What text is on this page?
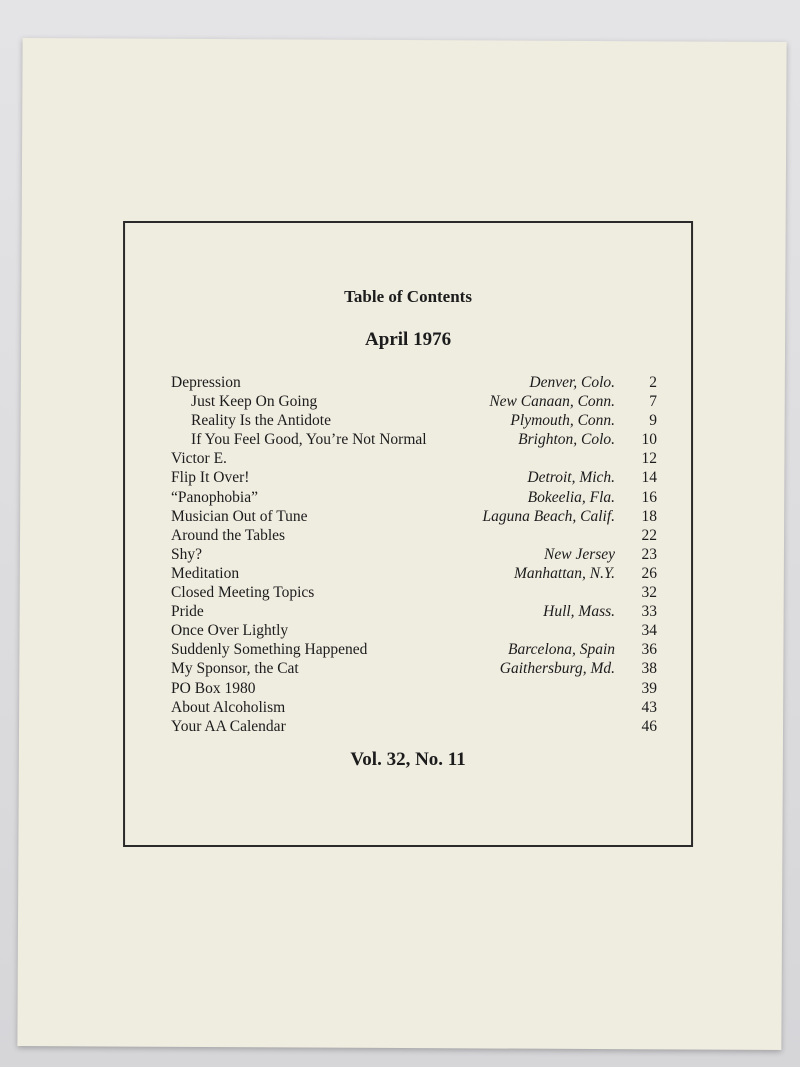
Table of Contents
April 1976
Depression	Denver, Colo.	2
Just Keep On Going	New Canaan, Conn.	7
Reality Is the Antidote	Plymouth, Conn.	9
If You Feel Good, You’re Not Normal	Brighton, Colo.	10
Victor E.	12
Flip It Over!	Detroit, Mich.	14
“Panophobia”	Bokeelia, Fla.	16
Musician Out of Tune	Laguna Beach, Calif.	18
Around the Tables	22
Shy?	New Jersey	23
Meditation	Manhattan, N.Y.	26
Closed Meeting Topics	32
Pride	Hull, Mass.	33
Once Over Lightly	34
Suddenly Something Happened	Barcelona, Spain	36
My Sponsor, the Cat	Gaithersburg, Md.	38
PO Box 1980	39
About Alcoholism	43
Your AA Calendar	46
Vol. 32, No. 11
